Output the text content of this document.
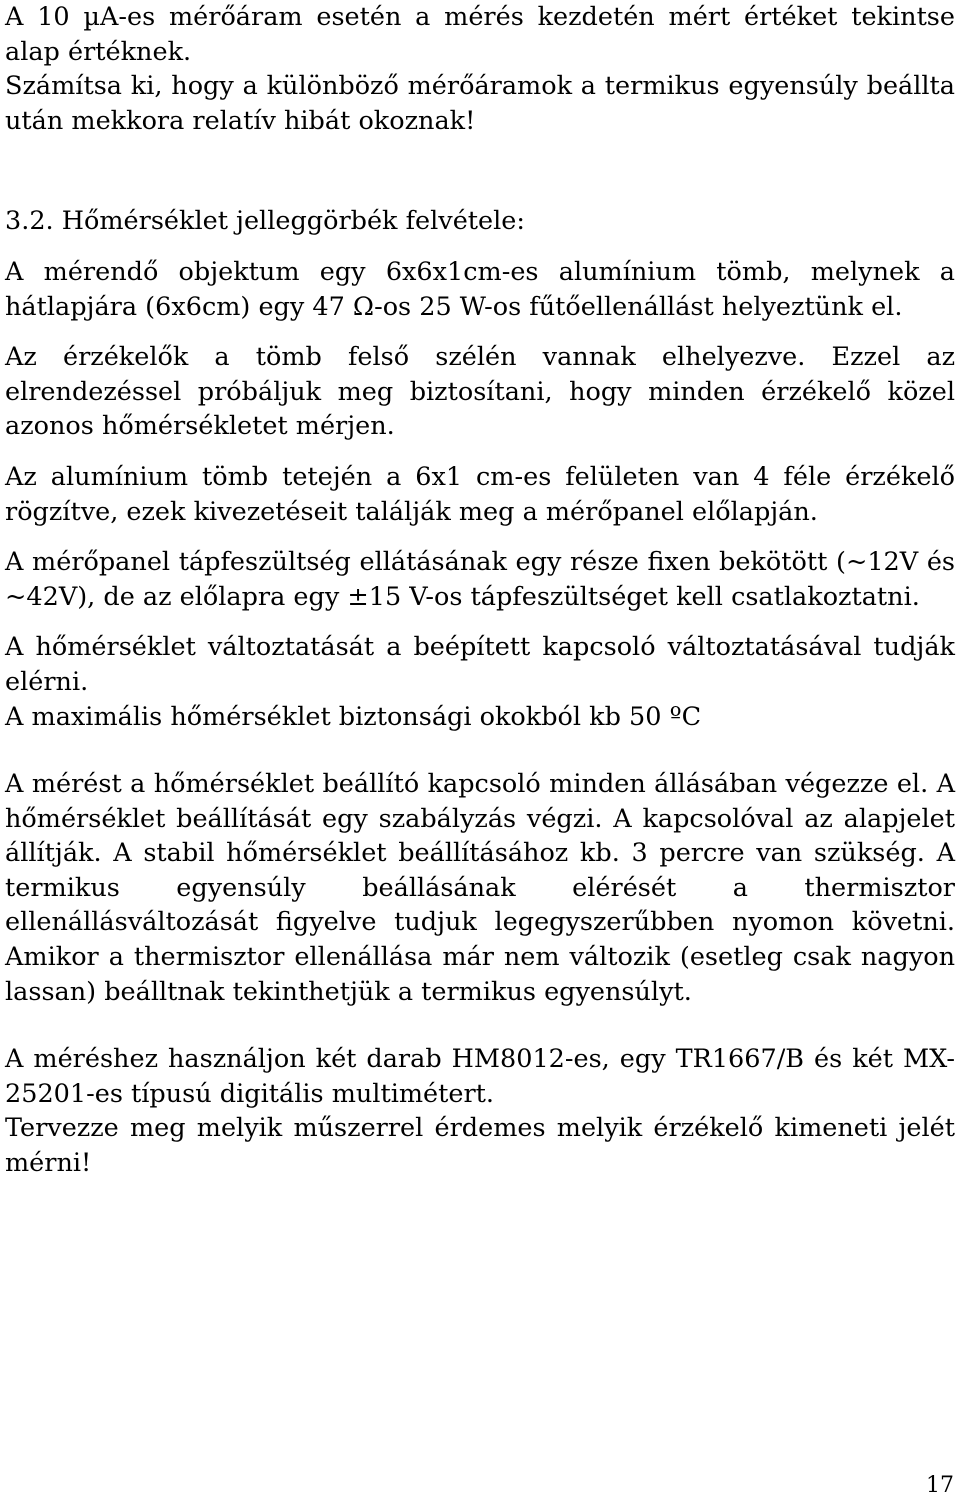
A 10 µA-es mérőáram esetén a mérés kezdetén mért értéket tekintse alap értéknek.

Számítsa ki, hogy a különböző mérőáramok a termikus egyensúly beállta után mekkora relatív hibát okoznak!

3.2. Hőmérséklet jelleggörbék felvétele:

A mérendő objektum egy 6x6x1cm-es alumínium tömb, melynek a hátlapjára (6x6cm) egy 47 Ω-os 25 W-os fűtőellenállást helyeztünk el.

Az érzékelők a tömb felső szélén vannak elhelyezve. Ezzel az elrendezéssel próbáljuk meg biztosítani, hogy minden érzékelő közel azonos hőmérsékletet mérjen.

Az alumínium tömb tetején a 6x1 cm-es felületen van 4 féle érzékelő rögzítve, ezek kivezetéseit találják meg a mérőpanel előlapján.

A mérőpanel tápfeszültség ellátásának egy része fixen bekötött (~12V és ~42V), de az előlapra egy ±15 V-os tápfeszültséget kell csatlakoztatni.

A hőmérséklet változtatását a beépített kapcsoló változtatásával tudják elérni.

A maximális hőmérséklet biztonsági okokból kb 50 ºC

A mérést a hőmérséklet beállító kapcsoló minden állásában végezze el. A hőmérséklet beállítását egy szabályzás végzi. A kapcsolóval az alapjelet állítják. A stabil hőmérséklet beállításához kb. 3 percre van szükség. A termikus egyensúly beállásának elérését a thermisztor ellenállásváltozását figyelve tudjuk legegyszerűbben nyomon követni. Amikor a thermisztor ellenállása már nem változik (esetleg csak nagyon lassan) beálltnak tekinthetjük a termikus egyensúlyt.

A méréshez használjon két darab HM8012-es, egy TR1667/B és két MX-25201-es típusú digitális multimétert.

Tervezze meg melyik műszerrel érdemes melyik érzékelő kimeneti jelét mérni!

17
